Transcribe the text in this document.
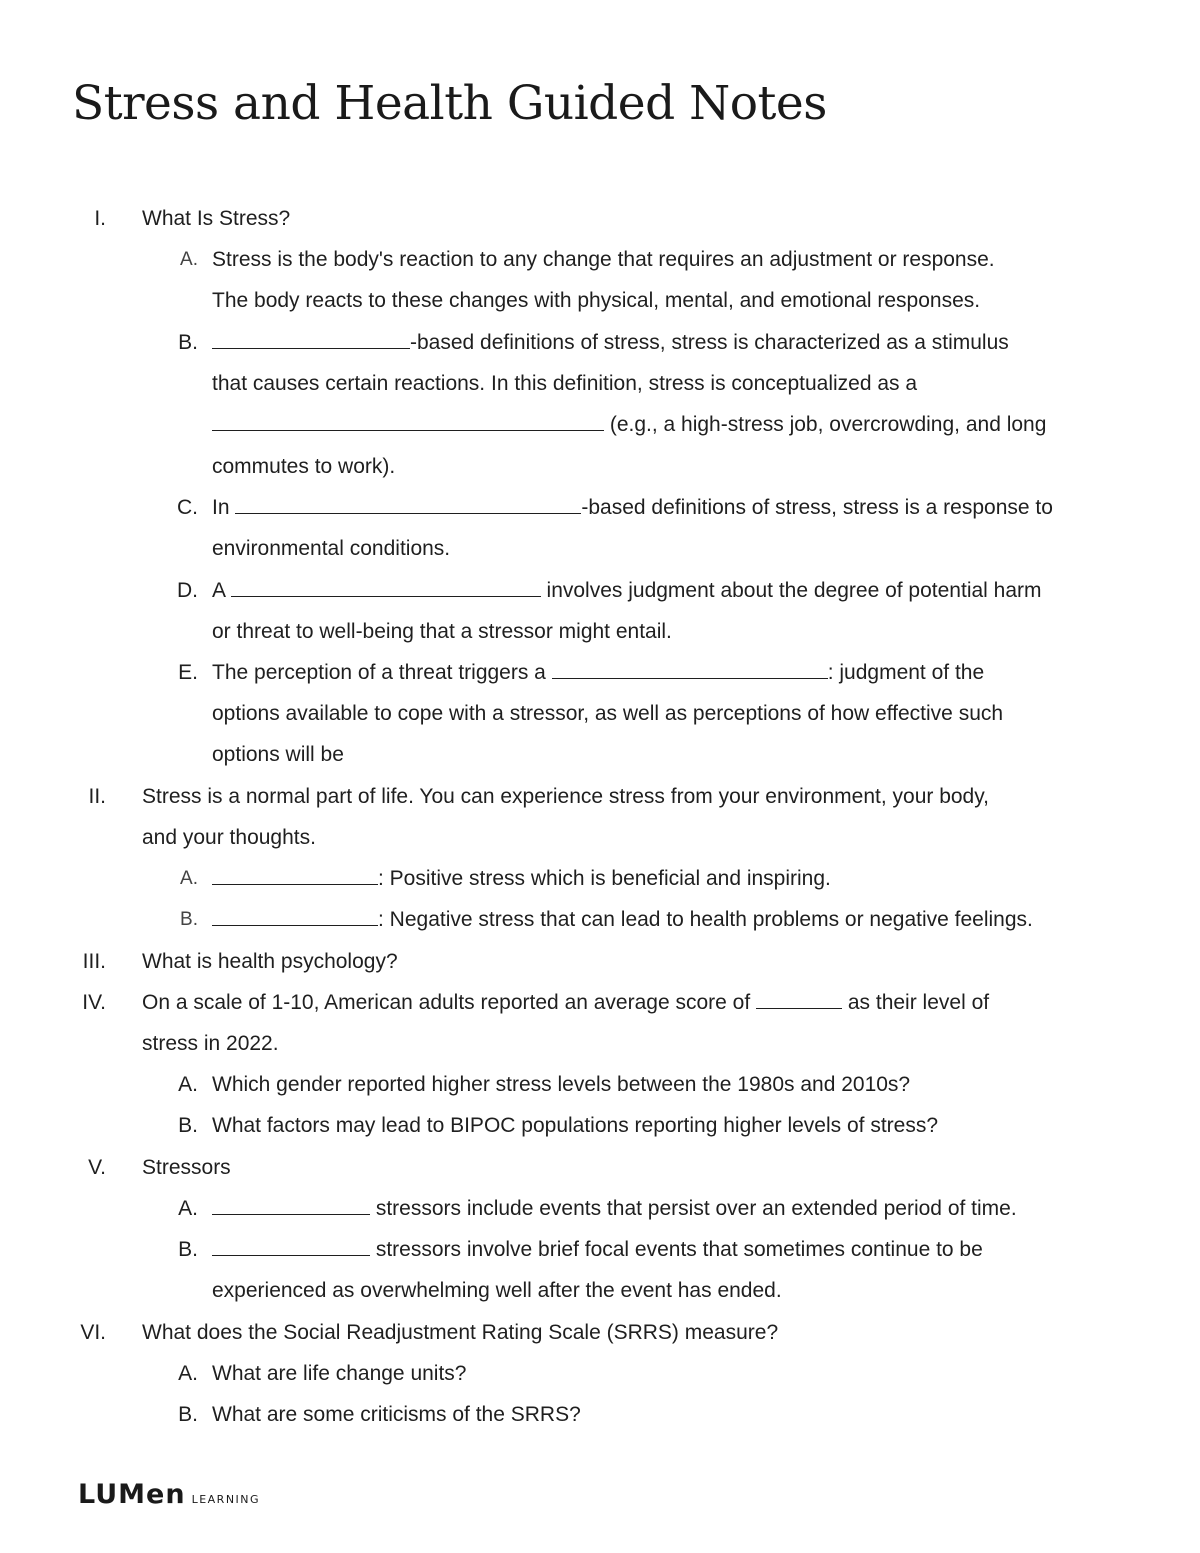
Stress and Health Guided Notes
I. What Is Stress?
A. Stress is the body's reaction to any change that requires an adjustment or response.
The body reacts to these changes with physical, mental, and emotional responses.
B.	-based definitions of stress, stress is characterized as a stimulus
that causes certain reactions. In this definition, stress is conceptualized as a
(e.g., a high-stress job, overcrowding, and long
commutes to work).
C. In	-based definitions of stress, stress is a response to
environmental conditions.
D. A	involves judgment about the degree of potential harm
or threat to well-being that a stressor might entail.
E. The perception of a threat triggers a	: judgment of the
options available to cope with a stressor, as well as perceptions of how effective such
options will be
II. Stress is a normal part of life. You can experience stress from your environment, your body,
and your thoughts.
A.	: Positive stress which is beneficial and inspiring.
B.	: Negative stress that can lead to health problems or negative feelings.
III. What is health psychology?
IV. On a scale of 1-10, American adults reported an average score of	as their level of
stress in 2022.
A. Which gender reported higher stress levels between the 1980s and 2010s?
B. What factors may lead to BIPOC populations reporting higher levels of stress?
V. Stressors
A.	stressors include events that persist over an extended period of time.
B.	stressors involve brief focal events that sometimes continue to be
experienced as overwhelming well after the event has ended.
VI. What does the Social Readjustment Rating Scale (SRRS) measure?
A. What are life change units?
B. What are some criticisms of the SRRS?
LUMen LEARNING
